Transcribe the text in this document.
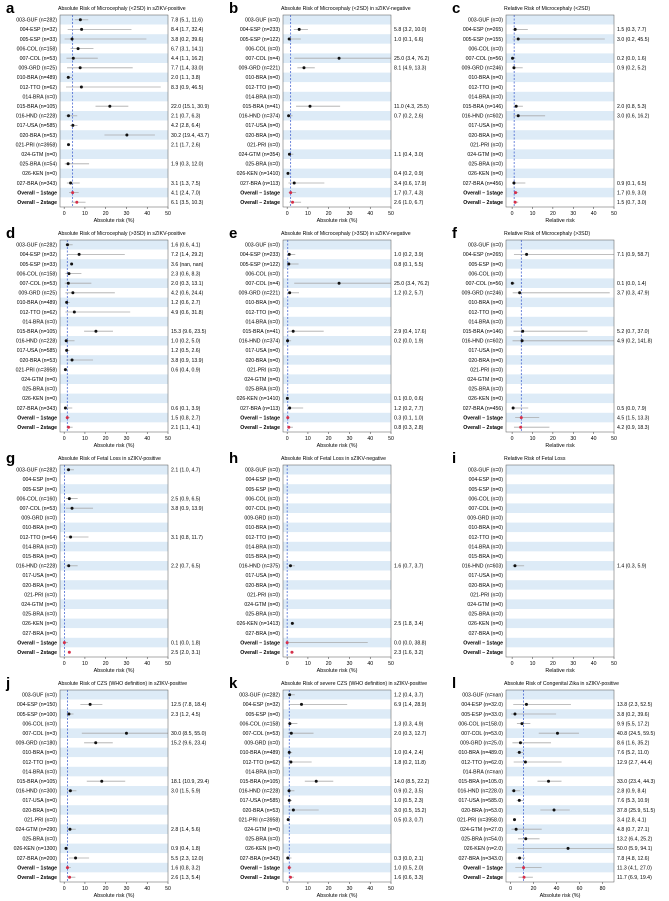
a	Absolute Risk of Microcephaly (<2SD) in sZIKV-positive
003-GUF (n=282)	7.8 (5.1, 11.6)
004-ESP (n=32)	8.4 (1.7, 32.4)
005-ESP (n=33)	3.8 (0.2, 39.6)
006-COL (n=158)	6.7 (3.1, 14.1)
007-COL (n=53)	4.4 (1.1, 16.2)
009-GRD (n=25)	7.7 (1.4, 33.0)
010-BRA (n=489)	2.0 (1.1, 3.8)
012-TTO (n=62)	8.3 (0.9, 46.5)
014-BRA (n=0)
015-BRA (n=105)	22.0 (15.1, 30.9)
016-HND (n=228)	2.1 (0.7, 6.3)
017-USA (n=585)	4.2 (2.8, 6.4)
020-BRA (n=53)	30.2 (19.4, 43.7)
021-PRI (n=3958)	2.1 (1.7, 2.6)
024-GTM (n=0)
025-BRA (n=54)	1.9 (0.3, 12.0)
026-KEN (n=0)
027-BRA (n=343)	3.1 (1.3, 7.5)
Overall – 1stage	4.1 (2.4, 7.0)
Overall – 2stage	6.1 (3.5, 10.3)
0	10	20	30	40	50
Absolute risk (%)
b	Absolute Risk of Microcephaly (<2SD) in sZIKV-negative
003-GUF (n=0)
004-ESP (n=233)	5.8 (3.2, 10.0)
005-ESP (n=122)	1.0 (0.1, 6.6)
006-COL (n=0)
007-COL (n=4)	25.0 (3.4, 76.2)
009-GRD (n=221)	8.1 (4.9, 13.3)
010-BRA (n=0)
012-TTO (n=0)
014-BRA (n=0)
015-BRA (n=41)	11.0 (4.3, 25.5)
016-HND (n=374)	0.7 (0.2, 2.6)
017-USA (n=0)
020-BRA (n=0)
021-PRI (n=0)
024-GTM (n=354)	1.1 (0.4, 3.0)
025-BRA (n=0)
026-KEN (n=1410)	0.4 (0.2, 0.9)
027-BRA (n=113)	3.4 (0.6, 17.9)
Overall – 1stage	1.7 (0.7, 4.3)
Overall – 2stage	2.6 (1.0, 6.7)
0	10	20	30	40	50
Absolute risk (%)
c	Relative Risk of Microcephaly (<2SD)
003-GUF (n=0)
004-ESP (n=265)	1.5 (0.3, 7.7)
005-ESP (n=155)	3.0 (0.2, 45.5)
006-COL (n=0)
007-COL (n=56)	0.2 (0.0, 1.6)
009-GRD (n=246)	0.9 (0.2, 5.2)
010-BRA (n=0)
012-TTO (n=0)
014-BRA (n=0)
015-BRA (n=146)	2.0 (0.8, 5.3)
016-HND (n=602)	3.0 (0.6, 16.2)
017-USA (n=0)
020-BRA (n=0)
021-PRI (n=0)
024-GTM (n=0)
025-BRA (n=0)
026-KEN (n=0)
027-BRA (n=456)	0.9 (0.1, 6.5)
Overall – 1stage	1.7 (0.9, 3.0)
Overall – 2stage	1.5 (0.7, 3.0)
0	10	20	30	40	50
Relative risk
d	Absolute Risk of Microcephaly (>3SD) in sZIKV-positive
003-GUF (n=282)	1.6 (0.6, 4.1)
004-ESP (n=32)	7.2 (1.4, 29.2)
005-ESP (n=33)	3.6 (nan, nan)
006-COL (n=158)	2.3 (0.6, 8.3)
007-COL (n=53)	2.0 (0.3, 13.1)
009-GRD (n=25)	4.2 (0.6, 24.4)
010-BRA (n=489)	1.2 (0.6, 2.7)
012-TTO (n=62)	4.9 (0.6, 31.8)
014-BRA (n=0)
015-BRA (n=105)	15.3 (9.6, 23.5)
016-HND (n=228)	1.0 (0.2, 5.0)
017-USA (n=585)	1.2 (0.5, 2.6)
020-BRA (n=53)	3.8 (0.9, 13.9)
021-PRI (n=3958)	0.6 (0.4, 0.9)
024-GTM (n=0)
025-BRA (n=0)
026-KEN (n=0)
027-BRA (n=343)	0.6 (0.1, 3.9)
Overall – 1stage	1.5 (0.8, 2.7)
Overall – 2stage	2.1 (1.1, 4.1)
0	10	20	30	40	50
Absolute risk (%)
e	Absolute Risk of Microcephaly (>3SD) in sZIKV-negative
003-GUF (n=0)
004-ESP (n=233)	1.0 (0.2, 3.9)
005-ESP (n=122)	0.8 (0.1, 5.5)
006-COL (n=0)
007-COL (n=4)	25.0 (3.4, 76.2)
009-GRD (n=221)	1.2 (0.2, 5.7)
010-BRA (n=0)
012-TTO (n=0)
014-BRA (n=0)
015-BRA (n=41)	2.9 (0.4, 17.6)
016-HND (n=374)	0.2 (0.0, 1.9)
017-USA (n=0)
020-BRA (n=0)
021-PRI (n=0)
024-GTM (n=0)
025-BRA (n=0)
026-KEN (n=1410)	0.1 (0.0, 0.6)
027-BRA (n=113)	1.2 (0.2, 7.7)
Overall – 1stage	0.3 (0.1, 1.0)
Overall – 2stage	0.8 (0.3, 2.8)
0	10	20	30	40	50
Absolute risk (%)
f	Relative Risk of Microcephaly (>3SD)
003-GUF (n=0)
004-ESP (n=265)	7.1 (0.9, 58.7)
005-ESP (n=0)
006-COL (n=0)
007-COL (n=56)	0.1 (0.0, 1.4)
009-GRD (n=246)	3.7 (0.3, 47.9)
010-BRA (n=0)
012-TTO (n=0)
014-BRA (n=0)
015-BRA (n=146)	5.2 (0.7, 37.0)
016-HND (n=602)	4.9 (0.2, 141.8)
017-USA (n=0)
020-BRA (n=0)
021-PRI (n=0)
024-GTM (n=0)
025-BRA (n=0)
026-KEN (n=0)
027-BRA (n=456)	0.5 (0.0, 7.9)
Overall – 1stage	4.5 (1.5, 13.3)
Overall – 2stage	4.2 (0.9, 18.3)
0	10	20	30	40	50
Relative risk
g	Absolute Risk of Fetal Loss in sZIKV-positive
003-GUF (n=282)	2.1 (1.0, 4.7)
004-ESP (n=0)
005-ESP (n=0)
006-COL (n=160)	2.5 (0.9, 6.5)
007-COL (n=53)	3.8 (0.9, 13.9)
009-GRD (n=0)
010-BRA (n=0)
012-TTO (n=64)	3.1 (0.8, 11.7)
014-BRA (n=0)
015-BRA (n=0)
016-HND (n=228)	2.2 (0.7, 6.5)
017-USA (n=0)
020-BRA (n=0)
021-PRI (n=0)
024-GTM (n=0)
025-BRA (n=0)
026-KEN (n=0)
027-BRA (n=0)
Overall – 1stage	0.1 (0.0, 1.8)
Overall – 2stage	2.5 (2.0, 3.1)
0	10	20	30	40	50
Absolute risk (%)
h	Absolute Risk of Fetal Loss in sZIKV-negative
003-GUF (n=0)
004-ESP (n=0)
005-ESP (n=0)
006-COL (n=0)
007-COL (n=0)
009-GRD (n=0)
010-BRA (n=0)
012-TTO (n=0)
014-BRA (n=0)
015-BRA (n=0)
016-HND (n=375)	1.6 (0.7, 3.7)
017-USA (n=0)
020-BRA (n=0)
021-PRI (n=0)
024-GTM (n=0)
025-BRA (n=0)
026-KEN (n=1413)	2.5 (1.8, 3.4)
027-BRA (n=0)
Overall – 1stage	0.0 (0.0, 38.8)
Overall – 2stage	2.3 (1.6, 3.2)
0	10	20	30	40	50
Absolute risk (%)
i	Relative Risk of Fetal Loss
003-GUF (n=0)
004-ESP (n=0)
005-ESP (n=0)
006-COL (n=0)
007-COL (n=0)
009-GRD (n=0)
010-BRA (n=0)
012-TTO (n=0)
014-BRA (n=0)
015-BRA (n=0)
016-HND (n=603)	1.4 (0.3, 5.9)
017-USA (n=0)
020-BRA (n=0)
021-PRI (n=0)
024-GTM (n=0)
025-BRA (n=0)
026-KEN (n=0)
027-BRA (n=0)
Overall – 1stage
Overall – 2stage
0	10	20	30	40	50
Relative risk
j	Absolute Risk of CZS (WHO definition) in sZIKV-positive
003-GUF (n=0)
004-ESP (n=150)	12.5 (7.8, 18.4)
005-ESP (n=100)	2.3 (1.2, 4.5)
006-COL (n=0)
007-COL (n=3)	30.0 (8.5, 55.0)
009-GRD (n=180)	15.2 (9.6, 23.4)
010-BRA (n=0)
012-TTO (n=0)
014-BRA (n=0)
015-BRA (n=105)	18.1 (10.9, 29.4)
016-HND (n=300)	3.0 (1.5, 5.9)
017-USA (n=0)
020-BRA (n=0)
021-PRI (n=0)
024-GTM (n=290)	2.8 (1.4, 5.6)
025-BRA (n=0)
026-KEN (n=1300)	0.9 (0.4, 1.8)
027-BRA (n=200)	5.5 (2.3, 12.0)
Overall – 1stage	1.6 (0.8, 3.2)
Overall – 2stage	2.6 (1.3, 5.4)
0	10	20	30	40	50
Absolute risk (%)
k	Absolute Risk of severe CZS (WHO definition) in sZIKV-positive
003-GUF (n=282)	1.2 (0.4, 3.7)
004-ESP (n=32)	6.9 (1.4, 28.9)
005-ESP (n=0)
006-COL (n=158)	1.3 (0.3, 4.9)
007-COL (n=53)	2.0 (0.3, 12.7)
009-GRD (n=0)
010-BRA (n=489)	1.0 (0.4, 2.4)
012-TTO (n=62)	1.8 (0.2, 11.8)
014-BRA (n=0)
015-BRA (n=105)	14.0 (8.5, 22.2)
016-HND (n=228)	0.9 (0.2, 3.5)
017-USA (n=585)	1.0 (0.5, 2.3)
020-BRA (n=53)	3.0 (0.5, 15.2)
021-PRI (n=3958)	0.5 (0.3, 0.7)
024-GTM (n=0)
025-BRA (n=0)
026-KEN (n=0)
027-BRA (n=343)	0.3 (0.0, 2.1)
Overall – 1stage	1.0 (0.5, 2.0)
Overall – 2stage	1.6 (0.6, 3.3)
0	10	20	30	40	50
Absolute risk (%)
l	Absolute Risk of Congenital Zika in sZIKV-positive
003-GUF (n=nan)
004-ESP (n=32.0)	13.8 (2.3, 52.5)
005-ESP (n=33.0)	3.8 (0.2, 39.6)
006-COL (n=158.0)	9.9 (5.5, 17.2)
007-COL (n=53.0)	40.8 (24.5, 59.5)
009-GRD (n=25.0)	8.6 (1.6, 35.2)
010-BRA (n=489.0)	7.6 (5.2, 11.0)
012-TTO (n=62.0)	12.9 (2.7, 44.4)
014-BRA (n=nan)
015-BRA (n=105.0)	33.0 (23.4, 44.3)
016-HND (n=228.0)	2.8 (0.9, 8.4)
017-USA (n=585.0)	7.6 (5.3, 10.9)
020-BRA (n=53.0)	37.8 (25.9, 51.5)
021-PRI (n=3958.0)	3.4 (2.8, 4.1)
024-GTM (n=27.0)	4.8 (0.7, 27.1)
025-BRA (n=54.0)	13.2 (6.4, 25.2)
026-KEN (n=2.0)	50.0 (5.9, 94.1)
027-BRA (n=343.0)	7.8 (4.8, 12.6)
Overall – 1stage	11.3 (4.1, 27.0)
Overall – 2stage	11.7 (6.9, 19.4)
0	20	40	60	80
Absolute risk (%)
